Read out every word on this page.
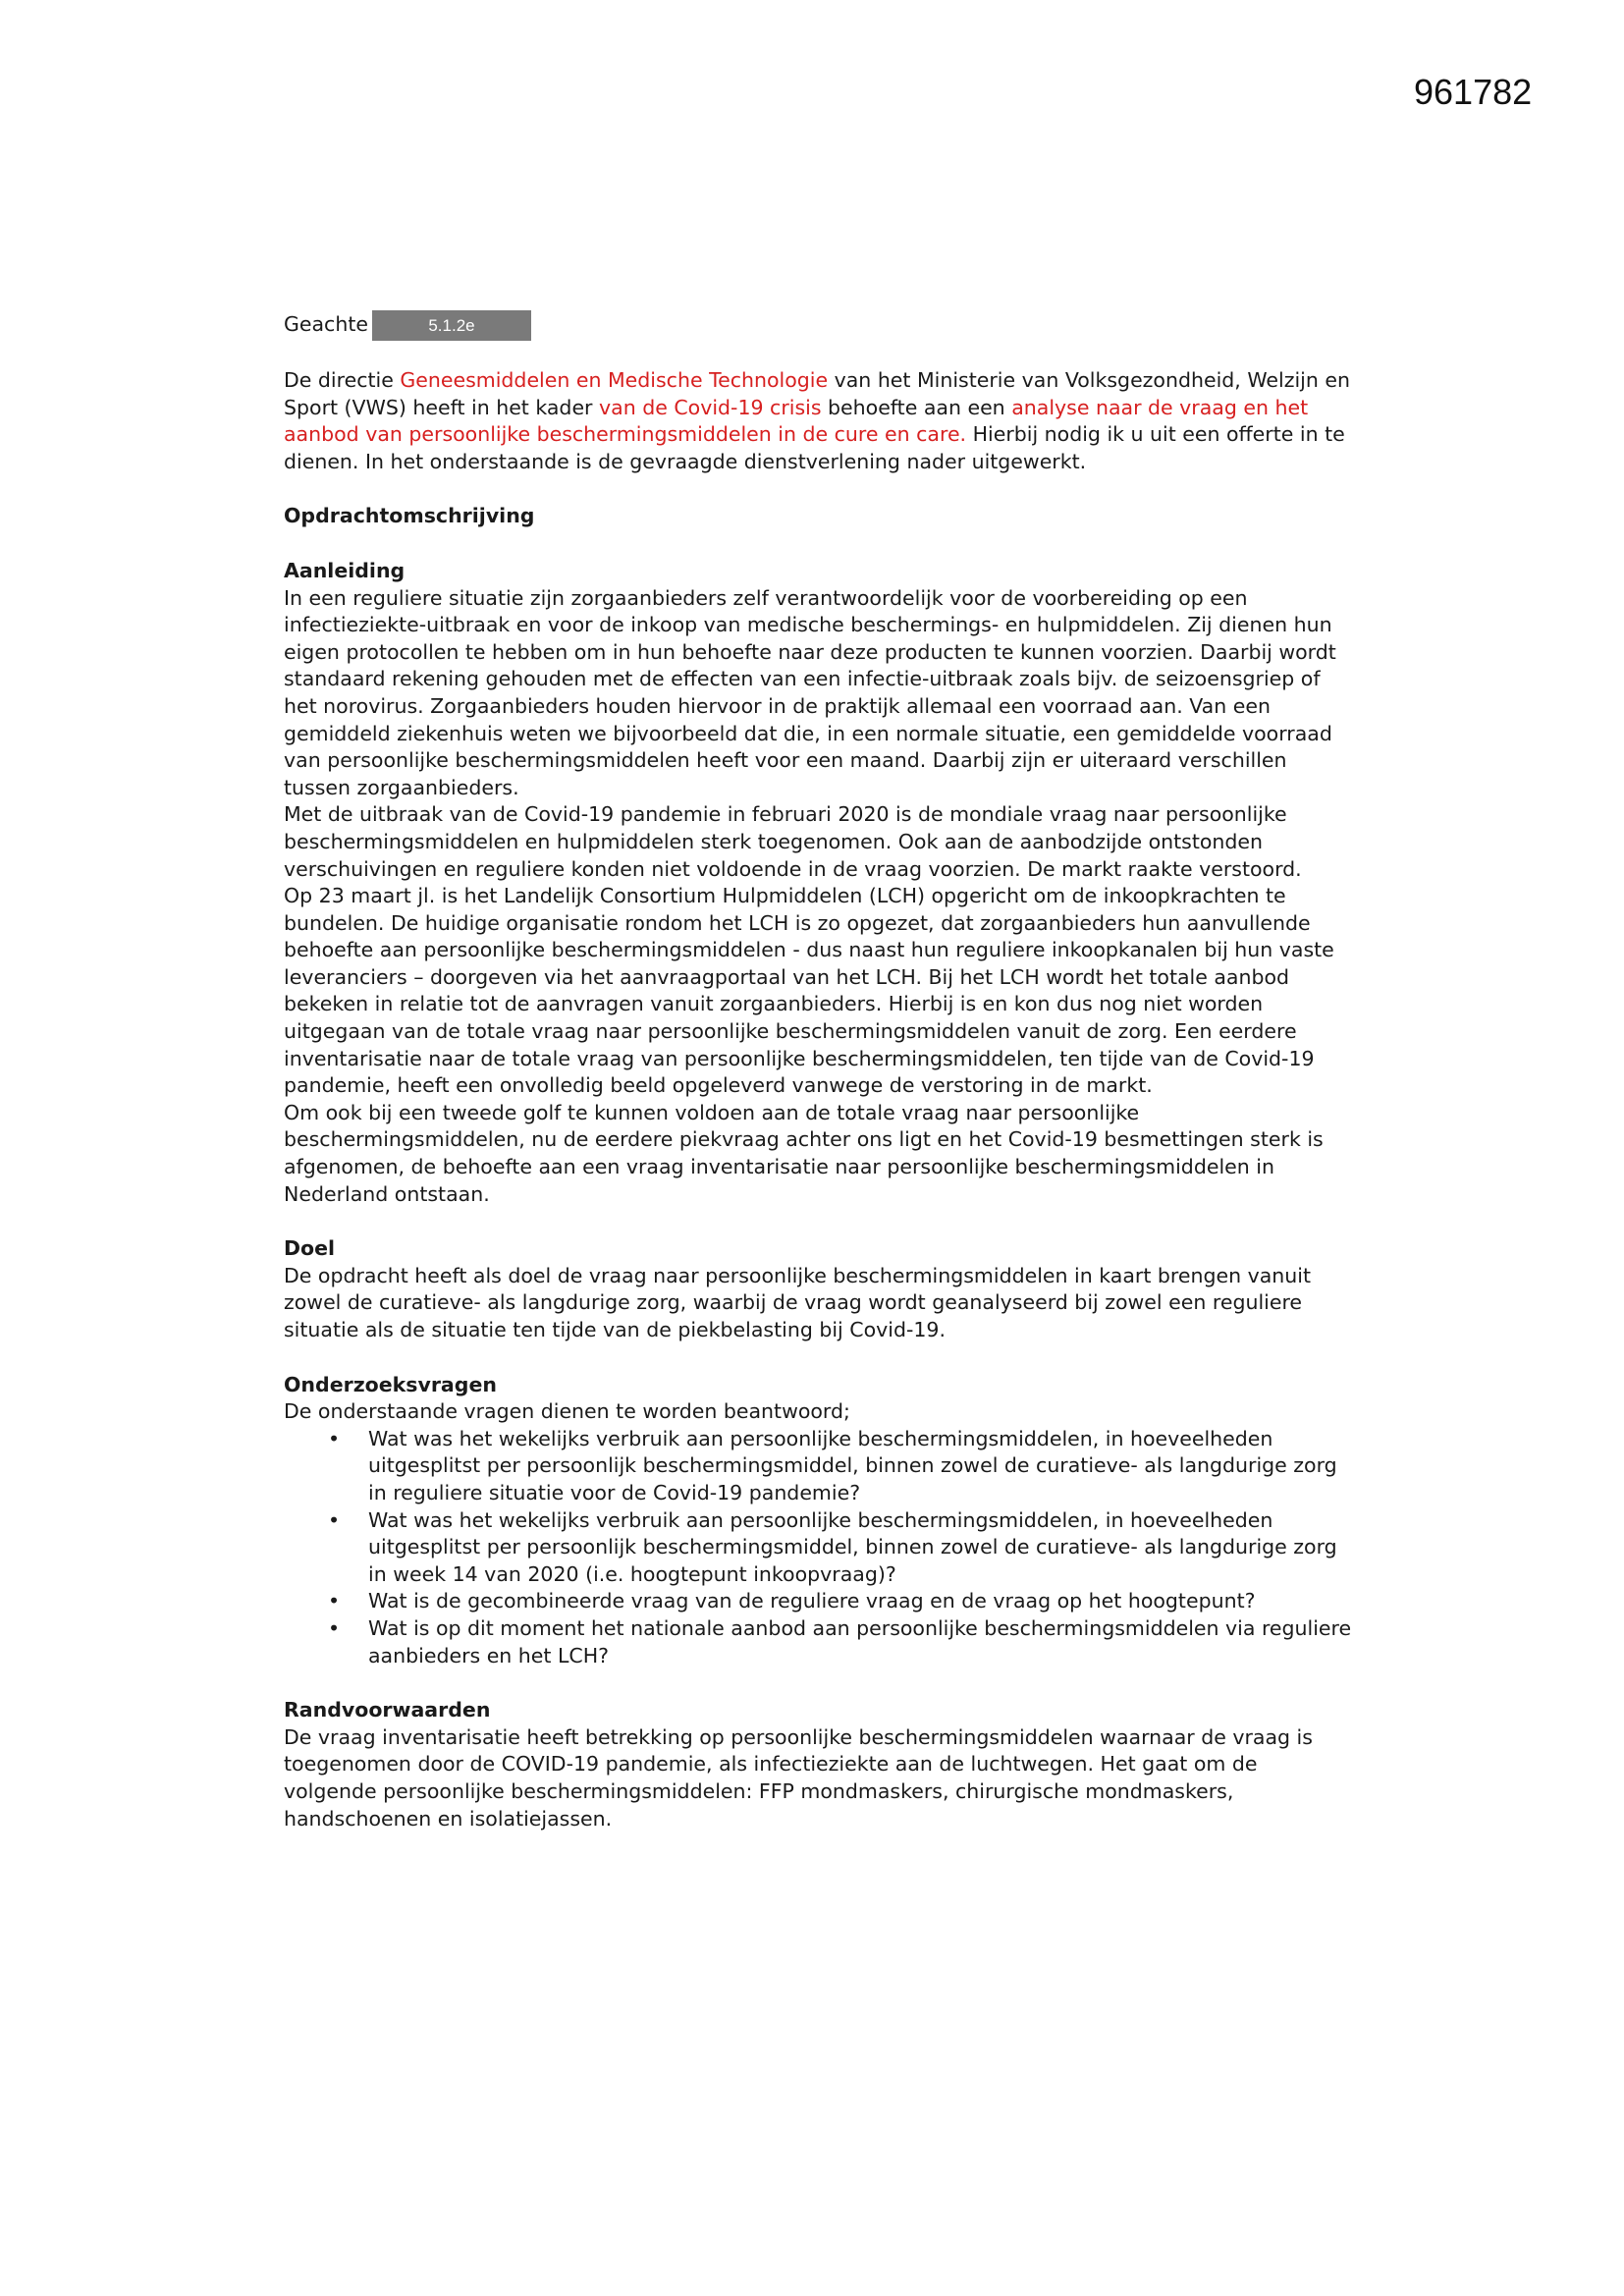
961782
Geachte	5.1.2e

De directie Geneesmiddelen en Medische Technologie van het Ministerie van Volksgezondheid, Welzijn en Sport (VWS) heeft in het kader van de Covid-19 crisis behoefte aan een analyse naar de vraag en het aanbod van persoonlijke beschermingsmiddelen in de cure en care. Hierbij nodig ik u uit een offerte in te dienen. In het onderstaande is de gevraagde dienstverlening nader uitgewerkt.

Opdrachtomschrijving

Aanleiding

In een reguliere situatie zijn zorgaanbieders zelf verantwoordelijk voor de voorbereiding op een infectieziekte-uitbraak en voor de inkoop van medische beschermings- en hulpmiddelen. Zij dienen hun eigen protocollen te hebben om in hun behoefte naar deze producten te kunnen voorzien. Daarbij wordt standaard rekening gehouden met de effecten van een infectie-uitbraak zoals bijv. de seizoensgriep of het norovirus. Zorgaanbieders houden hiervoor in de praktijk allemaal een voorraad aan. Van een gemiddeld ziekenhuis weten we bijvoorbeeld dat die, in een normale situatie, een gemiddelde voorraad van persoonlijke beschermingsmiddelen heeft voor een maand. Daarbij zijn er uiteraard verschillen tussen zorgaanbieders.

Met de uitbraak van de Covid-19 pandemie in februari 2020 is de mondiale vraag naar persoonlijke beschermingsmiddelen en hulpmiddelen sterk toegenomen. Ook aan de aanbodzijde ontstonden verschuivingen en reguliere konden niet voldoende in de vraag voorzien. De markt raakte verstoord.

Op 23 maart jl. is het Landelijk Consortium Hulpmiddelen (LCH) opgericht om de inkoopkrachten te bundelen. De huidige organisatie rondom het LCH is zo opgezet, dat zorgaanbieders hun aanvullende behoefte aan persoonlijke beschermingsmiddelen - dus naast hun reguliere inkoopkanalen bij hun vaste leveranciers – doorgeven via het aanvraagportaal van het LCH. Bij het LCH wordt het totale aanbod bekeken in relatie tot de aanvragen vanuit zorgaanbieders. Hierbij is en kon dus nog niet worden uitgegaan van de totale vraag naar persoonlijke beschermingsmiddelen vanuit de zorg. Een eerdere inventarisatie naar de totale vraag van persoonlijke beschermingsmiddelen, ten tijde van de Covid-19 pandemie, heeft een onvolledig beeld opgeleverd vanwege de verstoring in de markt.

Om ook bij een tweede golf te kunnen voldoen aan de totale vraag naar persoonlijke beschermingsmiddelen, nu de eerdere piekvraag achter ons ligt en het Covid-19 besmettingen sterk is afgenomen, de behoefte aan een vraag inventarisatie naar persoonlijke beschermingsmiddelen in Nederland ontstaan.

Doel

De opdracht heeft als doel de vraag naar persoonlijke beschermingsmiddelen in kaart brengen vanuit zowel de curatieve- als langdurige zorg, waarbij de vraag wordt geanalyseerd bij zowel een reguliere situatie als de situatie ten tijde van de piekbelasting bij Covid-19.

Onderzoeksvragen

De onderstaande vragen dienen te worden beantwoord;

• Wat was het wekelijks verbruik aan persoonlijke beschermingsmiddelen, in hoeveelheden uitgesplitst per persoonlijk beschermingsmiddel, binnen zowel de curatieve- als langdurige zorg in reguliere situatie voor de Covid-19 pandemie?
• Wat was het wekelijks verbruik aan persoonlijke beschermingsmiddelen, in hoeveelheden uitgesplitst per persoonlijk beschermingsmiddel, binnen zowel de curatieve- als langdurige zorg in week 14 van 2020 (i.e. hoogtepunt inkoopvraag)?
• Wat is de gecombineerde vraag van de reguliere vraag en de vraag op het hoogtepunt?
• Wat is op dit moment het nationale aanbod aan persoonlijke beschermingsmiddelen via reguliere aanbieders en het LCH?

Randvoorwaarden

De vraag inventarisatie heeft betrekking op persoonlijke beschermingsmiddelen waarnaar de vraag is toegenomen door de COVID-19 pandemie, als infectieziekte aan de luchtwegen. Het gaat om de volgende persoonlijke beschermingsmiddelen: FFP mondmaskers, chirurgische mondmaskers, handschoenen en isolatiejassen.
